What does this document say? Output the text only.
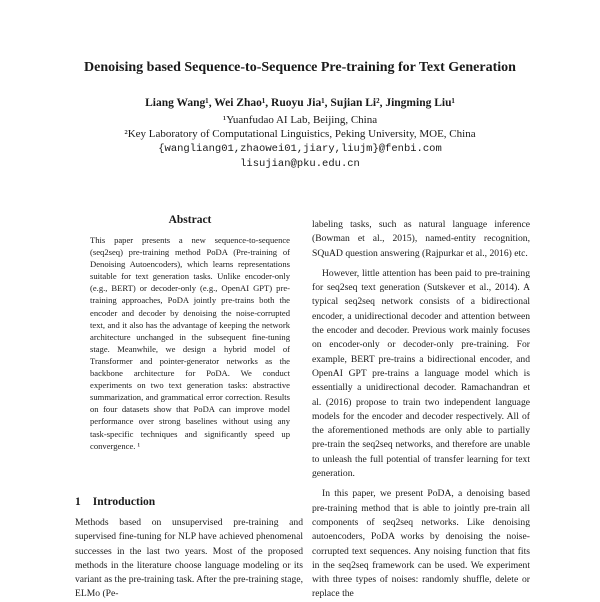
Denoising based Sequence-to-Sequence Pre-training for Text Generation
Liang Wang¹, Wei Zhao¹, Ruoyu Jia¹, Sujian Li², Jingming Liu¹
¹Yuanfudao AI Lab, Beijing, China
²Key Laboratory of Computational Linguistics, Peking University, MOE, China
{wangliang01,zhaowei01,jiary,liujm}@fenbi.com
lisujian@pku.edu.cn
Abstract

This paper presents a new sequence-to-sequence (seq2seq) pre-training method PoDA (Pre-training of Denoising Autoencoders), which learns representations suitable for text generation tasks. Unlike encoder-only (e.g., BERT) or decoder-only (e.g., OpenAI GPT) pre-training approaches, PoDA jointly pre-trains both the encoder and decoder by denoising the noise-corrupted text, and it also has the advantage of keeping the network architecture unchanged in the subsequent fine-tuning stage. Meanwhile, we design a hybrid model of Transformer and pointer-generator networks as the backbone architecture for PoDA. We conduct experiments on two text generation tasks: abstractive summarization, and grammatical error correction. Results on four datasets show that PoDA can improve model performance over strong baselines without using any task-specific techniques and significantly speed up convergence. ¹

1 Introduction

Methods based on unsupervised pre-training and supervised fine-tuning for NLP have achieved phenomenal successes in the last two years. Most of the proposed methods in the literature choose language modeling or its variant as the pre-training task. After the pre-training stage, ELMo (Pe-

labeling tasks, such as natural language inference (Bowman et al., 2015), named-entity recognition, SQuAD question answering (Rajpurkar et al., 2016) etc.

However, little attention has been paid to pre-training for seq2seq text generation (Sutskever et al., 2014). A typical seq2seq network consists of a bidirectional encoder, a unidirectional decoder and attention between the encoder and decoder. Previous work mainly focuses on encoder-only or decoder-only pre-training. For example, BERT pre-trains a bidirectional encoder, and OpenAI GPT pre-trains a language model which is essentially a unidirectional decoder. Ramachandran et al. (2016) propose to train two independent language models for the encoder and decoder respectively. All of the aforementioned methods are only able to partially pre-train the seq2seq networks, and therefore are unable to unleash the full potential of transfer learning for text generation.

In this paper, we present PoDA, a denoising based pre-training method that is able to jointly pre-train all components of seq2seq networks. Like denoising autoencoders, PoDA works by denoising the noise-corrupted text sequences. Any noising function that fits in the seq2seq framework can be used. We experiment with three types of noises: randomly shuffle, delete or replace the
